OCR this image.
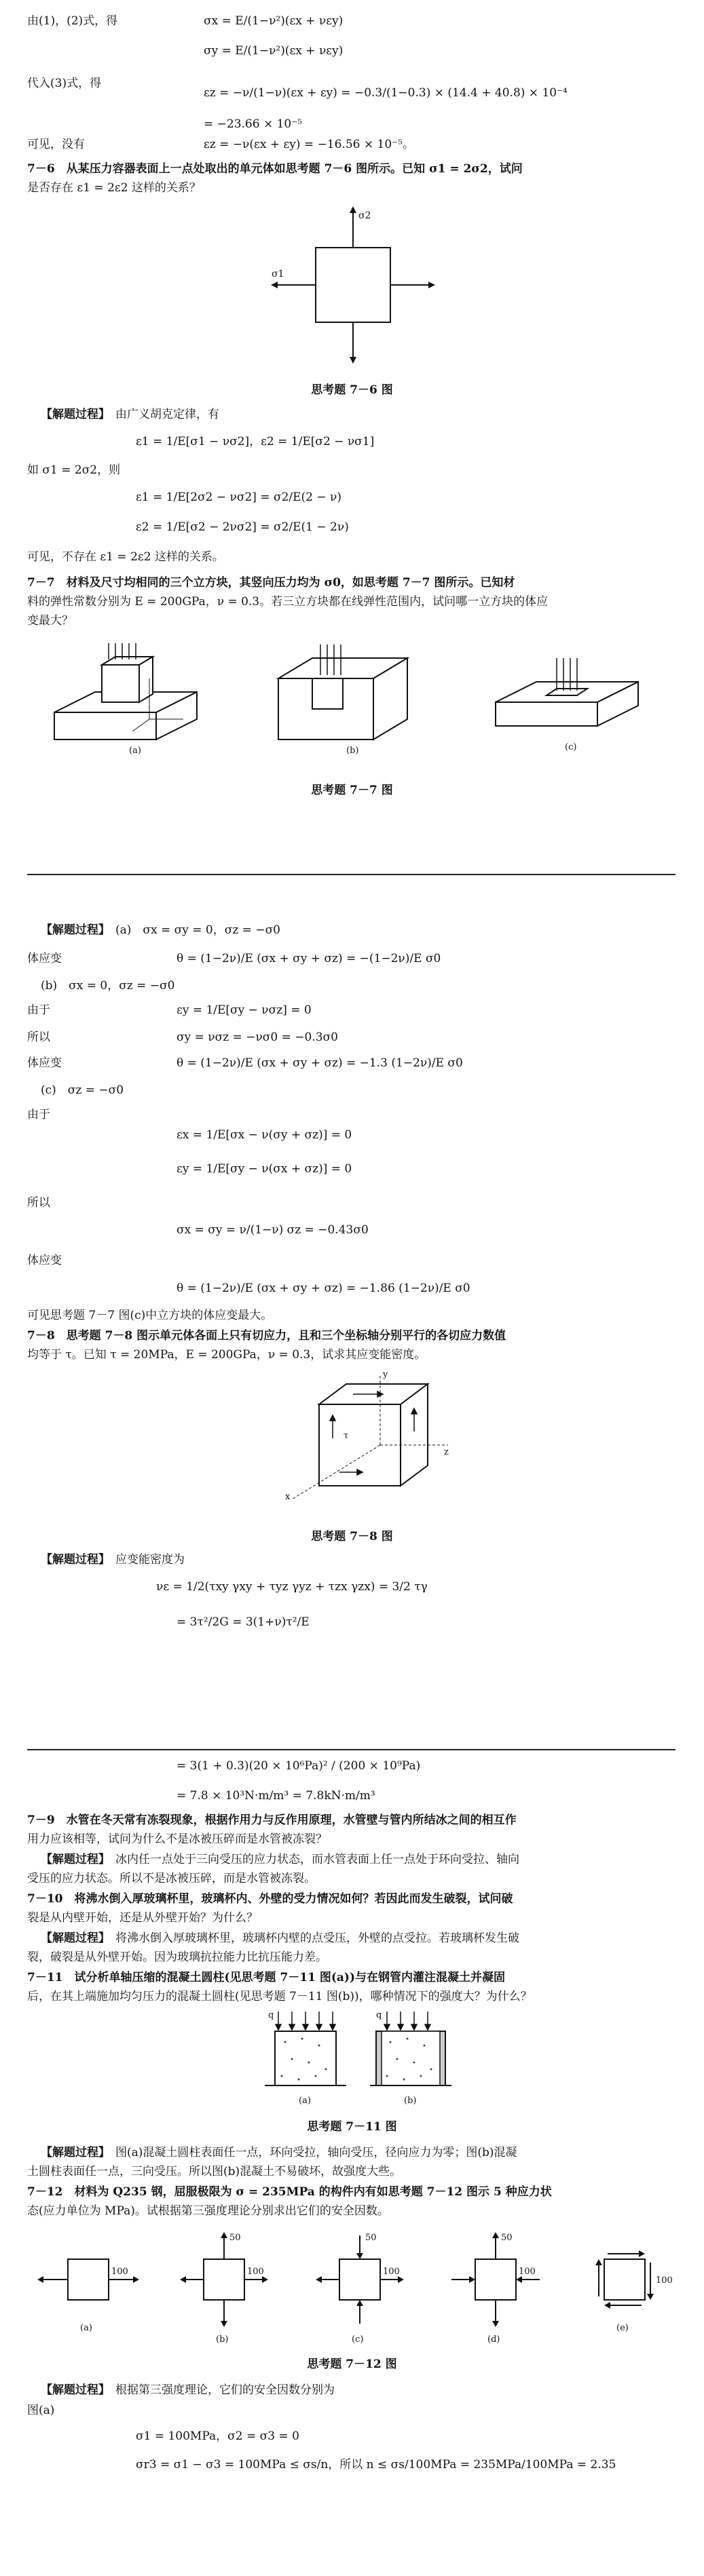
由(1)，(2)式，得	σx = E/(1−ν²)(εx + νεy)
σy = E/(1−ν²)(εx + νεy)
代入(3)式，得
εz = −ν/(1−ν)(εx + εy) = −0.3/(1−0.3) × (14.4 + 40.8) × 10⁻⁴
= −23.66 × 10⁻⁵
可见，没有	εz = −ν(εx + εy) = −16.56 × 10⁻⁵。
7－6　从某压力容器表面上一点处取出的单元体如思考题 7－6 图所示。已知 σ1 = 2σ2，试问
是否存在 ε1 = 2ε2 这样的关系？
σ2
σ1
思考题 7－6 图
【解题过程】 由广义胡克定律，有
ε1 = 1/E[σ1 − νσ2]，ε2 = 1/E[σ2 − νσ1]
如 σ1 = 2σ2，则
ε1 = 1/E[2σ2 − νσ2] = σ2/E(2 − ν)
ε2 = 1/E[σ2 − 2νσ2] = σ2/E(1 − 2ν)
可见，不存在 ε1 = 2ε2 这样的关系。
7－7　材料及尺寸均相同的三个立方块，其竖向压力均为 σ0，如思考题 7－7 图所示。已知材
料的弹性常数分别为 E = 200GPa，ν = 0.3。若三立方块都在线弹性范围内，试问哪一立方块的体应
变最大？
(a)	(b)	(c)
思考题 7－7 图
【解题过程】 (a)　σx = σy = 0，σz = −σ0
体应变	θ = (1−2ν)/E (σx + σy + σz) = −(1−2ν)/E σ0
(b)　σx = 0，σz = −σ0
由于	εy = 1/E[σy − νσz] = 0
所以	σy = νσz = −νσ0 = −0.3σ0
体应变	θ = (1−2ν)/E (σx + σy + σz) = −1.3 (1−2ν)/E σ0
(c)　σz = −σ0
由于
εx = 1/E[σx − ν(σy + σz)] = 0
εy = 1/E[σy − ν(σx + σz)] = 0
所以
σx = σy = ν/(1−ν) σz = −0.43σ0
体应变
θ = (1−2ν)/E (σx + σy + σz) = −1.86 (1−2ν)/E σ0
可见思考题 7－7 图(c)中立方块的体应变最大。
7－8　思考题 7－8 图示单元体各面上只有切应力，且和三个坐标轴分别平行的各切应力数值
均等于 τ。已知 τ = 20MPa，E = 200GPa，ν = 0.3，试求其应变能密度。
τ
y
z
x
思考题 7－8 图
【解题过程】 应变能密度为
νε = 1/2(τxy γxy + τyz γyz + τzx γzx) = 3/2 τγ
= 3τ²/2G = 3(1+ν)τ²/E
= 3(1 + 0.3)(20 × 10⁶Pa)² / (200 × 10⁹Pa)
= 7.8 × 10³N·m/m³ = 7.8kN·m/m³
7－9　水管在冬天常有冻裂现象，根据作用力与反作用原理，水管壁与管内所结冰之间的相互作
用力应该相等，试问为什么不是冰被压碎而是水管被冻裂？
【解题过程】 冰内任一点处于三向受压的应力状态，而水管表面上任一点处于环向受拉、轴向
受压的应力状态。所以不是冰被压碎，而是水管被冻裂。
7－10　将沸水倒入厚玻璃杯里，玻璃杯内、外壁的受力情况如何？若因此而发生破裂，试问破
裂是从内壁开始，还是从外壁开始？为什么？
【解题过程】 将沸水倒入厚玻璃杯里，玻璃杯内壁的点受压，外壁的点受拉。若玻璃杯发生破
裂，破裂是从外壁开始。因为玻璃抗拉能力比抗压能力差。
7－11　试分析单轴压缩的混凝土圆柱(见思考题 7－11 图(a))与在钢管内灌注混凝土并凝固
后，在其上端施加均匀压力的混凝土圆柱(见思考题 7－11 图(b))，哪种情况下的强度大？为什么？
q
(a)
q
(b)
思考题 7－11 图
【解题过程】 图(a)混凝土圆柱表面任一点，环向受拉，轴向受压，径向应力为零；图(b)混凝
土圆柱表面任一点，三向受压。所以图(b)混凝土不易破坏，故强度大些。
7－12　材料为 Q235 钢，屈服极限为 σ = 235MPa 的构件内有如思考题 7－12 图示 5 种应力状
态(应力单位为 MPa)。试根据第三强度理论分别求出它们的安全因数。
100
(a)
50
100
(b)
50
100
(c)
50
100
(d)
100
(e)
思考题 7－12 图
【解题过程】 根据第三强度理论，它们的安全因数分别为
图(a)
σ1 = 100MPa，σ2 = σ3 = 0
σr3 = σ1 − σ3 = 100MPa ≤ σs/n，所以 n ≤ σs/100MPa = 235MPa/100MPa = 2.35
